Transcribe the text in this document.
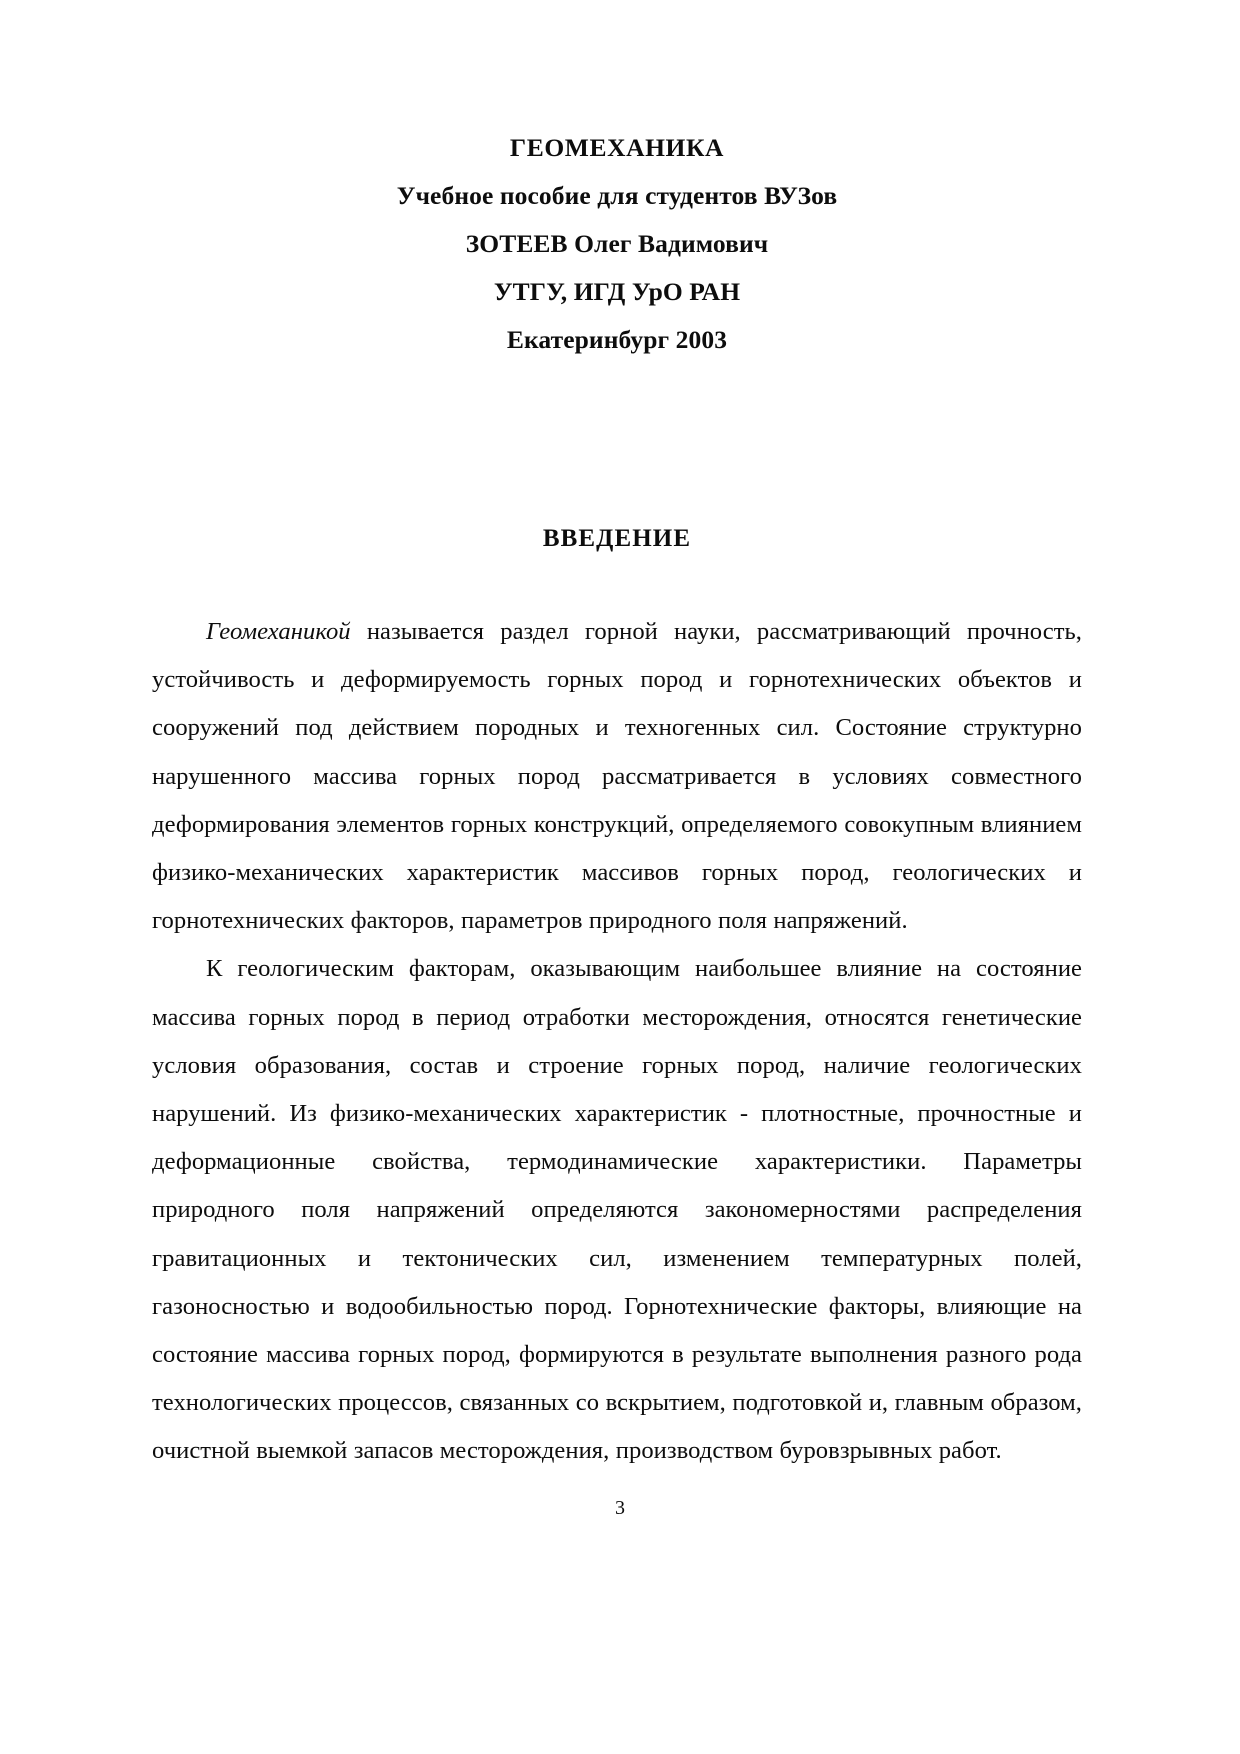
ГЕОМЕХАНИКА
Учебное пособие для студентов ВУЗов
ЗОТЕЕВ Олег Вадимович
УТГУ, ИГД УрО РАН
Екатеринбург 2003
ВВЕДЕНИЕ

Геомеханикой называется раздел горной науки, рассматривающий прочность, устойчивость и деформируемость горных пород и горнотехнических объектов и сооружений под действием породных и техногенных сил. Состояние структурно нарушенного массива горных пород рассматривается в условиях совместного деформирования элементов горных конструкций, определяемого совокупным влиянием физико-механических характеристик массивов горных пород, геологических и горнотехнических факторов, параметров природного поля напряжений.

К геологическим факторам, оказывающим наибольшее влияние на состояние массива горных пород в период отработки месторождения, относятся генетические условия образования, состав и строение горных пород, наличие геологических нарушений. Из физико-механических характеристик - плотностные, прочностные и деформационные свойства, термодинамические характеристики. Параметры природного поля напряжений определяются закономерностями распределения гравитационных и тектонических сил, изменением температурных полей, газоносностью и водообильностью пород. Горнотехнические факторы, влияющие на состояние массива горных пород, формируются в результате выполнения разного рода технологических процессов, связанных со вскрытием, подготовкой и, главным образом, очистной выемкой запасов месторождения, производством буровзрывных работ.

3
